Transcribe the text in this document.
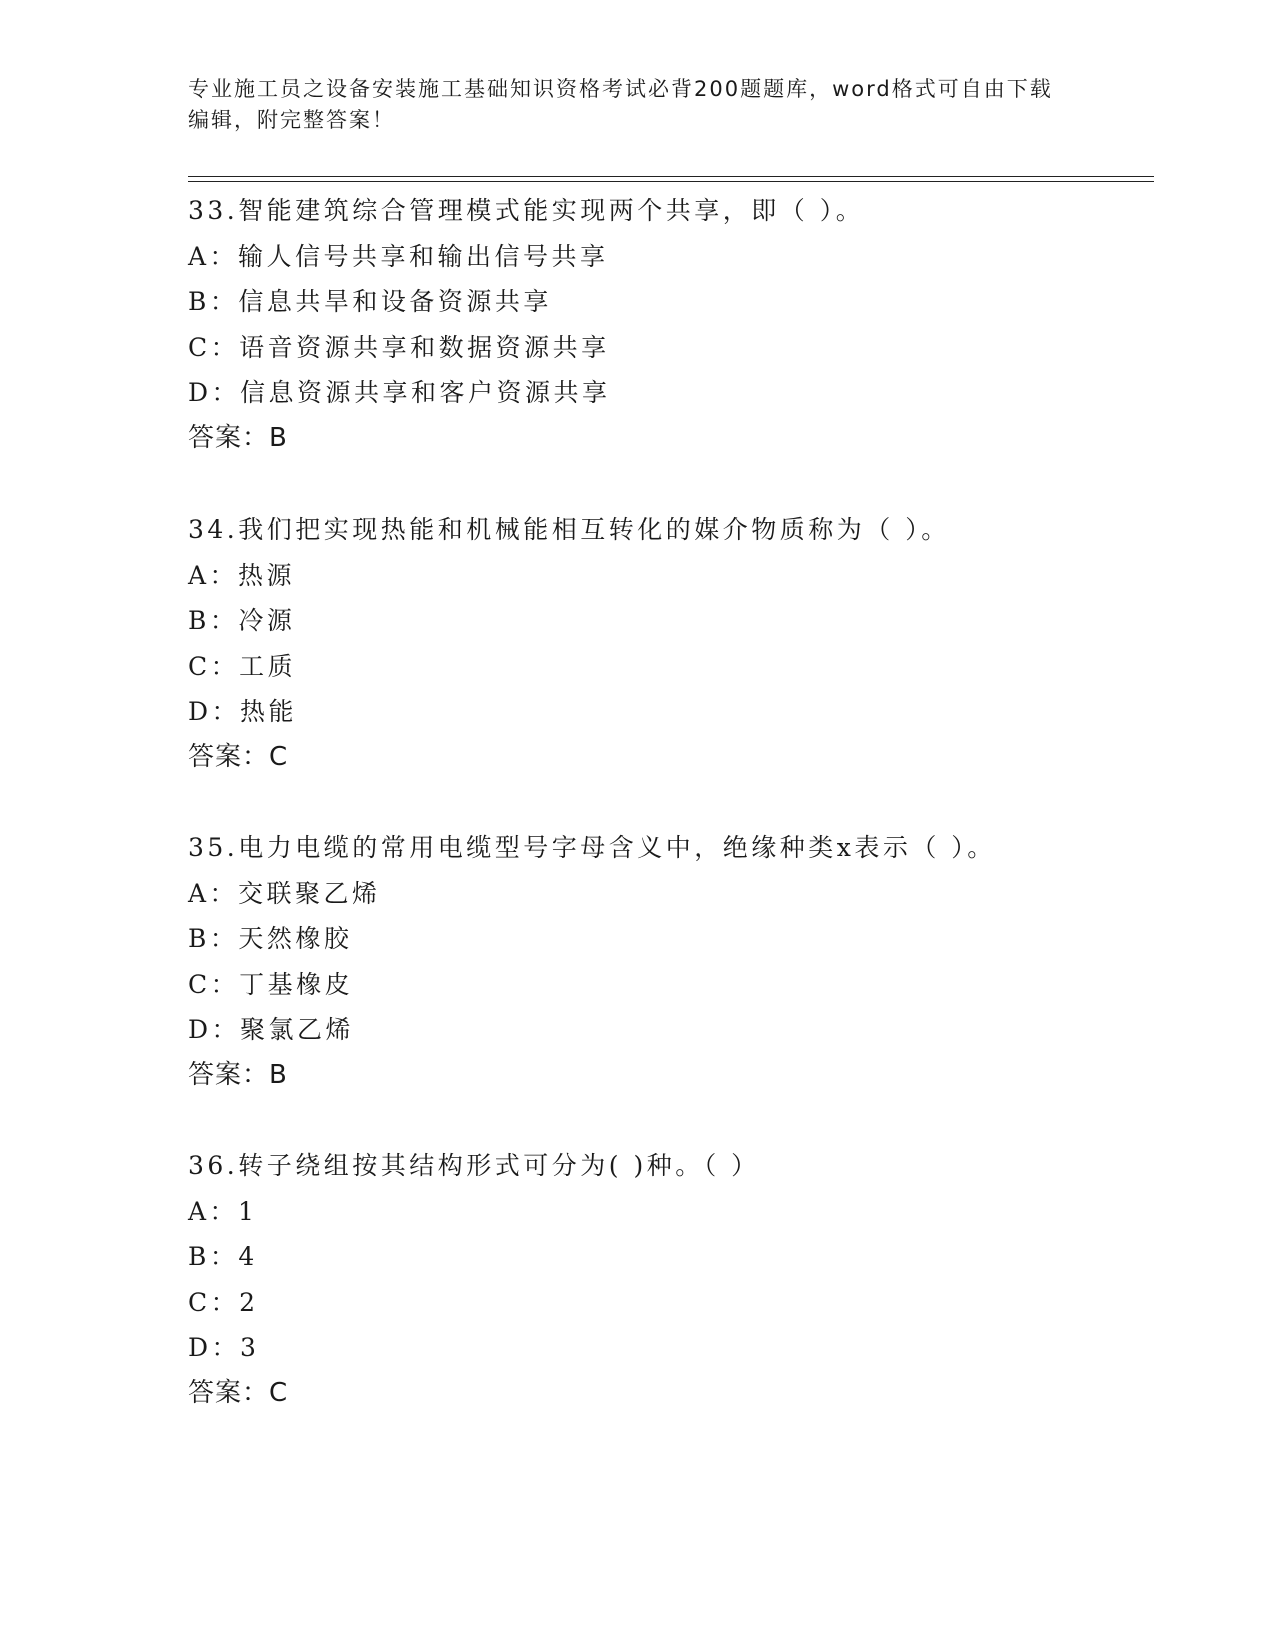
专业施工员之设备安装施工基础知识资格考试必背200题题库，word格式可自由下载编辑，附完整答案！
33.智能建筑综合管理模式能实现两个共享，即（ ）。
A：输人信号共享和输出信号共享
B：信息共旱和设备资源共享
C：语音资源共享和数据资源共享
D：信息资源共享和客户资源共享
答案：B
34.我们把实现热能和机械能相互转化的媒介物质称为（ ）。
A：热源
B：冷源
C：工质
D：热能
答案：C
35.电力电缆的常用电缆型号字母含义中，绝缘种类x表示（ ）。
A：交联聚乙烯
B：天然橡胶
C：丁基橡皮
D：聚氯乙烯
答案：B
36.转子绕组按其结构形式可分为( )种。（ ）
A：1
B：4
C：2
D：3
答案：C
